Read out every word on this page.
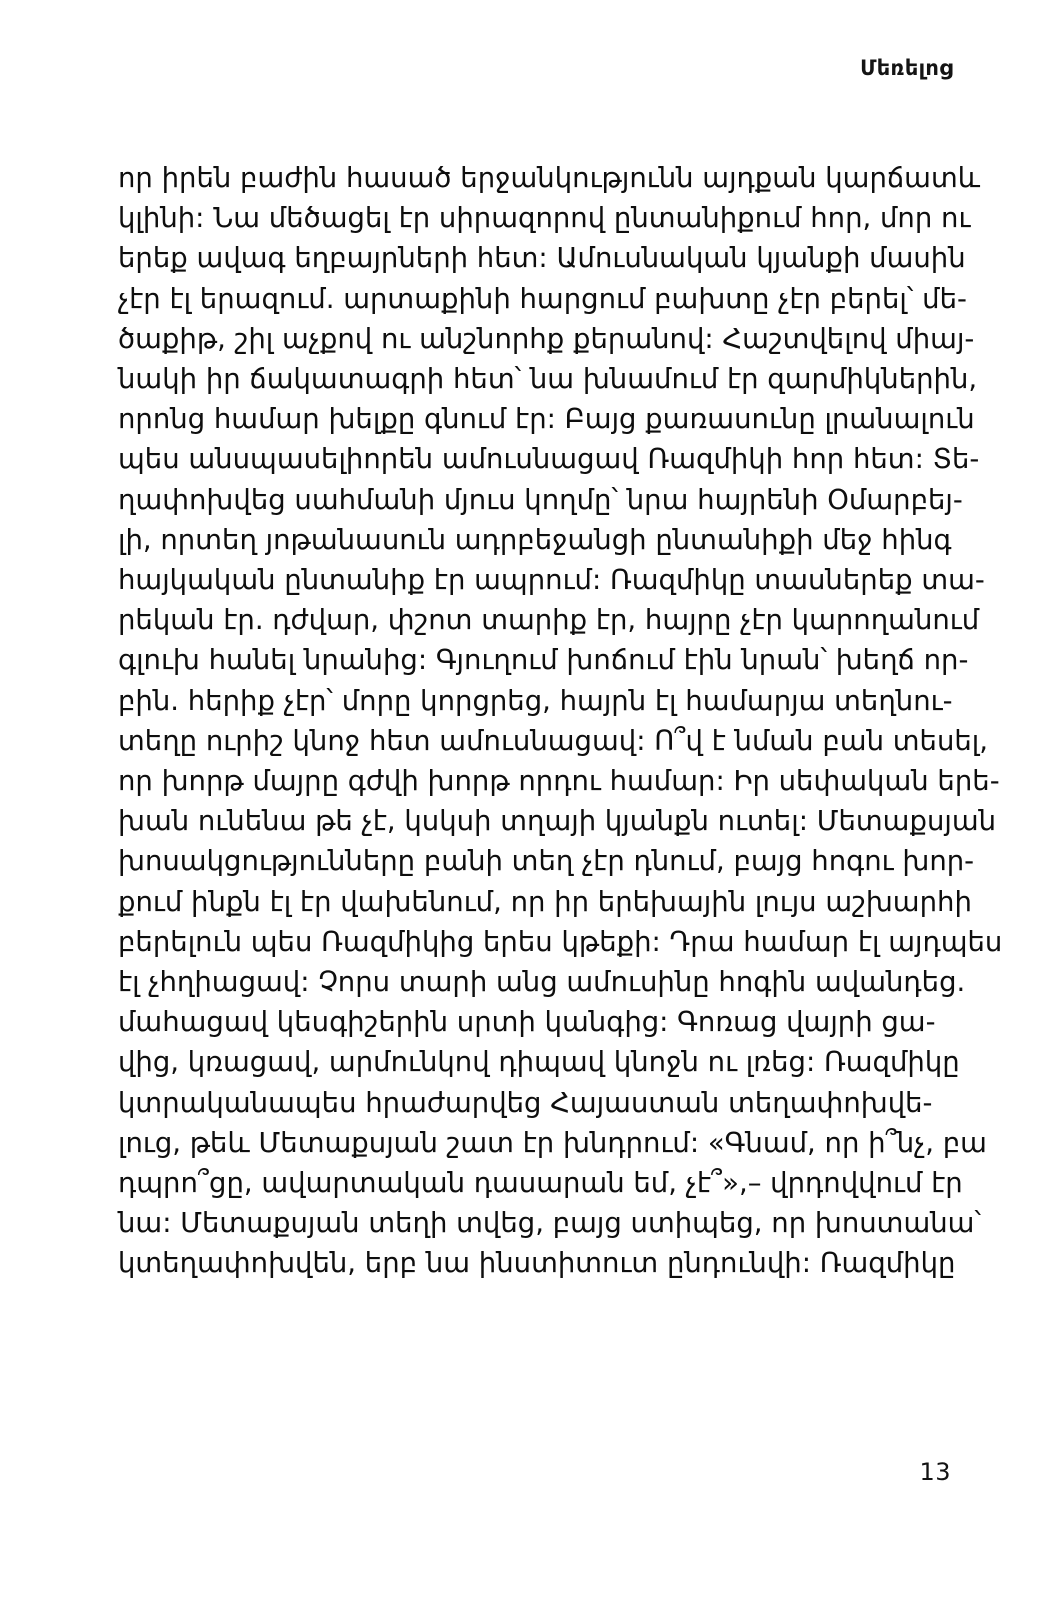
Մեռելոց
որ իրեն բաժին հասած երջանկությունն այդքան կարճատև
կլինի: Նա մեծացել էր սիրազորով ընտանիքում հոր, մոր ու
երեք ավագ եղբայրների հետ: Ամուսնական կյանքի մասին
չէր էլ երազում. արտաքինի հարցում բախտը չէր բերել՝ մե-
ծաքիթ, շիլ աչքով ու անշնորհք քերանով: Հաշտվելով միայ-
նակի իր ճակատագրի հետ՝ նա խնամում էր զարմիկներին,
որոնց համար խելքը գնում էր: Բայց քառասունը լրանալուն
պես անսպասելիորեն ամուսնացավ Ռազմիկի հոր հետ: Տե-
ղափոխվեց սահմանի մյուս կողմը՝ նրա հայրենի Օմարբեյ-
լի, որտեղ յոթանասուն ադրբեջանցի ընտանիքի մեջ հինգ
հայկական ընտանիք էր ապրում: Ռազմիկը տասներեք տա-
րեկան էր. դժվար, փշոտ տարիք էր, հայրը չէր կարողանում
գլուխ հանել նրանից: Գյուղում խոճում էին նրան՝ խեղճ որ-
բին. հերիք չէր՝ մորը կորցրեց, հայրն էլ համարյա տեղնու-
տեղը ուրիշ կնոջ հետ ամուսնացավ: Ո՞վ է նման բան տեսել,
որ խորթ մայրը գժվի խորթ որդու համար: Իր սեփական երե-
խան ունենա թե չէ, կսկսի տղայի կյանքն ուտել: Մետաքսյան
խոսակցությունները բանի տեղ չէր դնում, բայց հոգու խոր-
քում ինքն էլ էր վախենում, որ իր երեխային լույս աշխարհի
բերելուն պես Ռազմիկից երես կթեքի: Դրա համար էլ այդպես
էլ չհղիացավ: Չորս տարի անց ամուսինը հոգին ավանդեց.
մահացավ կեսգիշերին սրտի կանգից: Գոռաց վայրի ցա-
վից, կռացավ, արմունկով դիպավ կնոջն ու լռեց: Ռազմիկը
կտրականապես հրաժարվեց Հայաստան տեղափոխվե-
լուց, թեև Մետաքսյան շատ էր խնդրում: «Գնամ, որ ի՞նչ, բա
դպրո՞ցը, ավարտական դասարան եմ, չէ՞»,– վրդովվում էր
նա: Մետաքսյան տեղի տվեց, բայց ստիպեց, որ խոստանա՝
կտեղափոխվեն, երբ նա ինստիտուտ ընդունվի: Ռազմիկը
13
